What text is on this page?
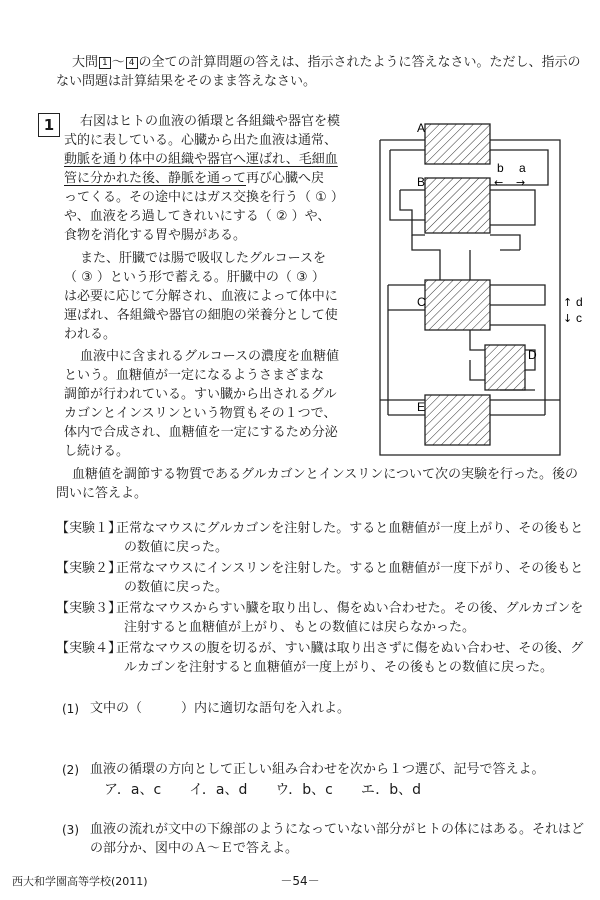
大問 1 ～ 4 の全ての計算問題の答えは、指示されたように答えなさい。ただし、指示の
ない問題は計算結果をそのまま答えなさい。
1	右図はヒトの血液の循環と各組織や器官を模
式的に表している。心臓から出た血液は通常、
動脈を通り体中の組織や器官へ運ばれ、毛細血
管に分かれた後、静脈を通って再び心臓へ戻
ってくる。その途中にはガス交換を行う（ ① ）
や、血液をろ過してきれいにする（ ② ）や、
食物を消化する胃や腸がある。
また、肝臓では腸で吸収したグルコースを
（ ③ ）という形で蓄える。肝臓中の（ ③ ）
は必要に応じて分解され、血液によって体中に
運ばれ、各組織や器官の細胞の栄養分として使
われる。
血液中に含まれるグルコースの濃度を血糖値
という。血糖値が一定になるようさまざまな
調節が行われている。すい臓から出されるグル
カゴンとインスリンという物質もその１つで、
体内で合成され、血糖値を一定にするため分泌
し続ける。
A
B
C
D
E
b a
← →
↑ d
↓ c
血糖値を調節する物質であるグルカゴンとインスリンについて次の実験を行った。後の
問いに答えよ。
【実験１】正常なマウスにグルカゴンを注射した。すると血糖値が一度上がり、その後もと
の数値に戻った。
【実験２】正常なマウスにインスリンを注射した。すると血糖値が一度下がり、その後もと
の数値に戻った。
【実験３】正常なマウスからすい臓を取り出し、傷をぬい合わせた。その後、グルカゴンを
注射すると血糖値が上がり、もとの数値には戻らなかった。
【実験４】正常なマウスの腹を切るが、すい臓は取り出さずに傷をぬい合わせ、その後、グ
ルカゴンを注射すると血糖値が一度上がり、その後もとの数値に戻った。
(1) 文中の（　　　）内に適切な語句を入れよ。
(2) 血液の循環の方向として正しい組み合わせを次から１つ選び、記号で答えよ。
ア．a、c　　イ．a、d　　ウ．b、c　　エ．b、d
(3) 血液の流れが文中の下線部のようになっていない部分がヒトの体にはある。それはど
の部分か、図中のＡ～Ｅで答えよ。
西大和学園高等学校(2011)	－54－
